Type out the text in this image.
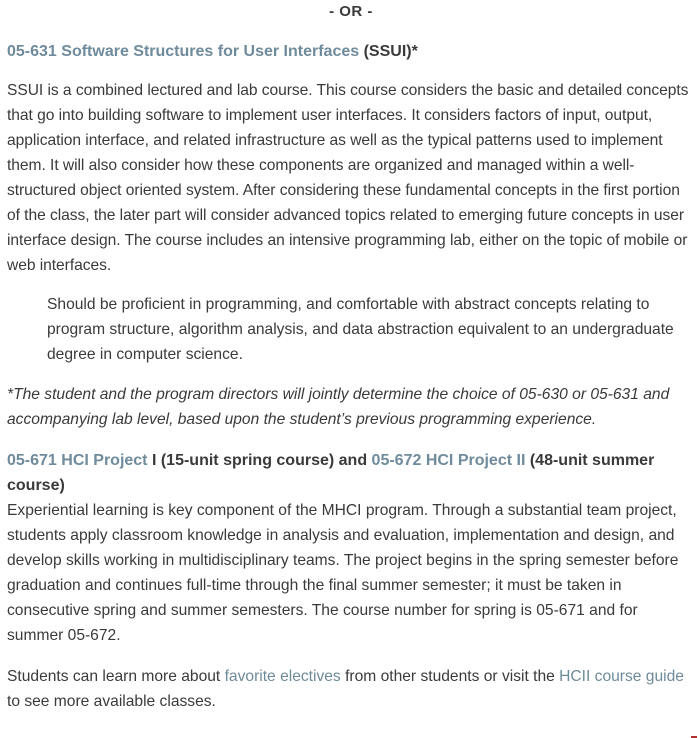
- OR -

05-631 Software Structures for User Interfaces (SSUI)*

SSUI is a combined lectured and lab course. This course considers the basic and detailed concepts that go into building software to implement user interfaces. It considers factors of input, output, application interface, and related infrastructure as well as the typical patterns used to implement them. It will also consider how these components are organized and managed within a well-structured object oriented system. After considering these fundamental concepts in the first portion of the class, the later part will consider advanced topics related to emerging future concepts in user interface design. The course includes an intensive programming lab, either on the topic of mobile or web interfaces.

Should be proficient in programming, and comfortable with abstract concepts relating to program structure, algorithm analysis, and data abstraction equivalent to an undergraduate degree in computer science.

*The student and the program directors will jointly determine the choice of 05-630 or 05-631 and accompanying lab level, based upon the student’s previous programming experience.

05-671 HCI Project I (15-unit spring course) and 05-672 HCI Project II (48-unit summer course)

Experiential learning is key component of the MHCI program. Through a substantial team project, students apply classroom knowledge in analysis and evaluation, implementation and design, and develop skills working in multidisciplinary teams. The project begins in the spring semester before graduation and continues full-time through the final summer semester; it must be taken in consecutive spring and summer semesters. The course number for spring is 05-671 and for summer 05-672.

Students can learn more about favorite electives from other students or visit the HCII course guide to see more available classes.
